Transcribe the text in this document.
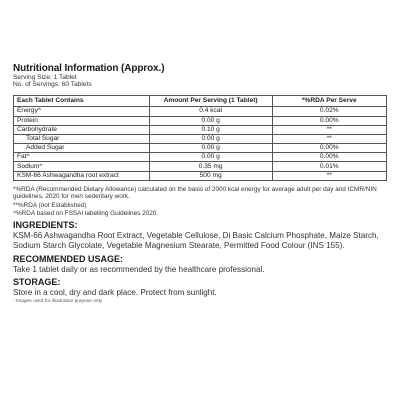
Nutritional Information (Approx.)
Serving Size: 1 Tablet
No. of Servings: 60 Tablets
Each Tablet Contains	Amount Per Serving (1 Tablet)	*%RDA Per Serve
Energy^	0.4 kcal	0.02%
Protein	0.00 g	0.00%
Carbohydrate	0.10 g	**
Total Sugar	0.00 g	**
Added Sugar	0.00 g	0.00%
Fat^	0.00 g	0.00%
Sodium^	0.35 mg	0.01%
KSM-66 Ashwagandha root extract	500 mg	**

*%RDA (Recommended Dietary Allowance) calculated on the basis of 2000 kcal energy for average adult per day and ICMR/NIN guidelines, 2020 for men sedentary work.

**%RDA (not Established)

^%RDA based on FSSAI labelling Guidelines 2020.

INGREDIENTS:
KSM-66 Ashwagandha Root Extract, Vegetable Cellulose, Di Basic Calcium Phosphate, Maize Starch, Sodium Starch Glycolate, Vegetable Magnesium Stearate, Permitted Food Colour (INS 155).
RECOMMENDED USAGE:
Take 1 tablet daily or as recommended by the healthcare professional.
STORAGE:
Store in a cool, dry and dark place. Protect from sunlight.
- Images used for illustration purpose only
